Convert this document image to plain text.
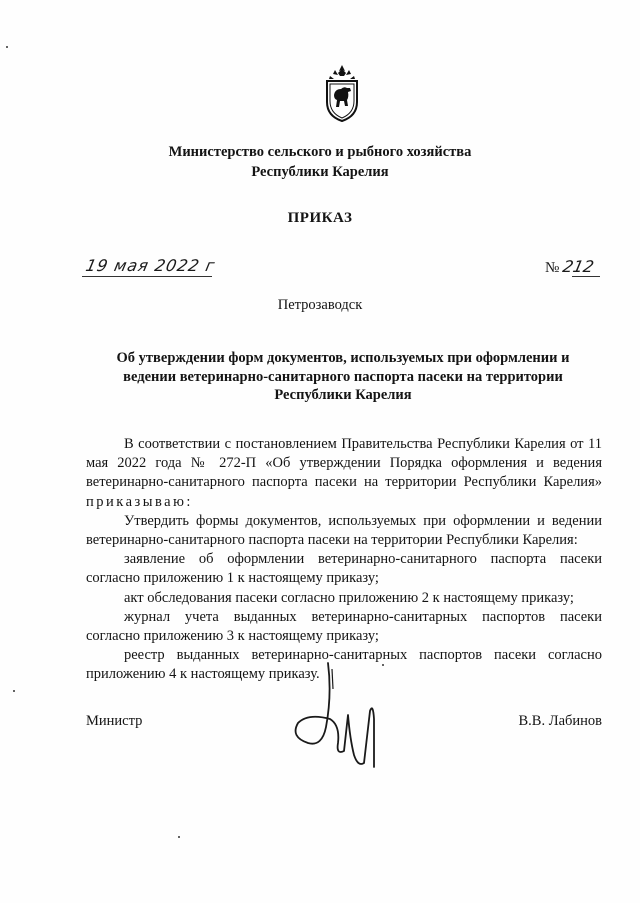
Министерство сельского и рыбного хозяйства
Республики Карелия
ПРИКАЗ
19 мая 2022 г	№ 212
Петрозаводск
Об утверждении форм документов, используемых при оформлении и
ведении ветеринарно-санитарного паспорта пасеки на территории
Республики Карелия

В соответствии с постановлением Правительства Республики Карелия от 11 мая 2022 года № 272-П «Об утверждении Порядка оформления и ведения ветеринарно-санитарного паспорта пасеки на территории Республики Карелия» приказываю:

Утвердить формы документов, используемых при оформлении и ведении ветеринарно-санитарного паспорта пасеки на территории Республики Карелия:

заявление об оформлении ветеринарно-санитарного паспорта пасеки согласно приложению 1 к настоящему приказу;

акт обследования пасеки согласно приложению 2 к настоящему приказу;

журнал учета выданных ветеринарно-санитарных паспортов пасеки согласно приложению 3 к настоящему приказу;

реестр выданных ветеринарно-санитарных паспортов пасеки согласно приложению 4 к настоящему приказу.

Министр	В.В. Лабинов
